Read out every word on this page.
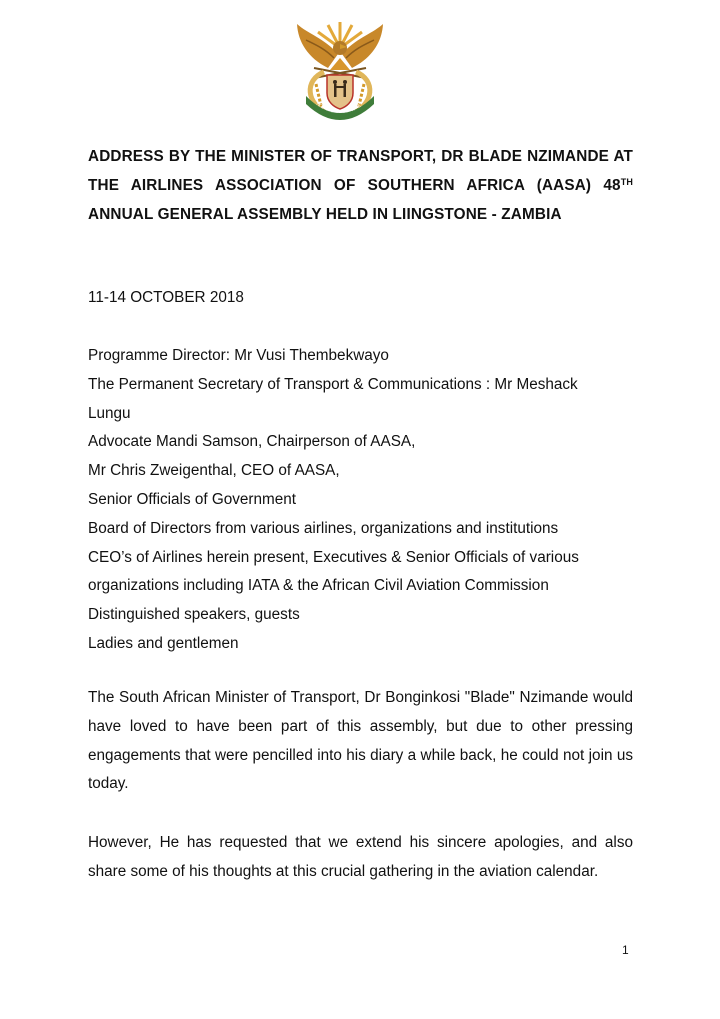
!KE E: /XARRA //KE

ADDRESS BY THE MINISTER OF TRANSPORT, DR BLADE NZIMANDE AT THE AIRLINES ASSOCIATION OF SOUTHERN AFRICA (AASA) 48TH ANNUAL GENERAL ASSEMBLY HELD IN LIINGSTONE - ZAMBIA

11-14 OCTOBER 2018

Programme Director: Mr Vusi Thembekwayo
The Permanent Secretary of Transport & Communications : Mr Meshack
Lungu
Advocate Mandi Samson, Chairperson of AASA,
Mr Chris Zweigenthal, CEO of AASA,
Senior Officials of Government
Board of Directors from various airlines, organizations and institutions
CEO’s of Airlines herein present, Executives & Senior Officials of various
organizations including IATA & the African Civil Aviation Commission
Distinguished speakers, guests
Ladies and gentlemen

The South African Minister of Transport, Dr Bonginkosi "Blade" Nzimande would have loved to have been part of this assembly, but due to other pressing engagements that were pencilled into his diary a while back, he could not join us today.

However, He has requested that we extend his sincere apologies, and also share some of his thoughts at this crucial gathering in the aviation calendar.

1
